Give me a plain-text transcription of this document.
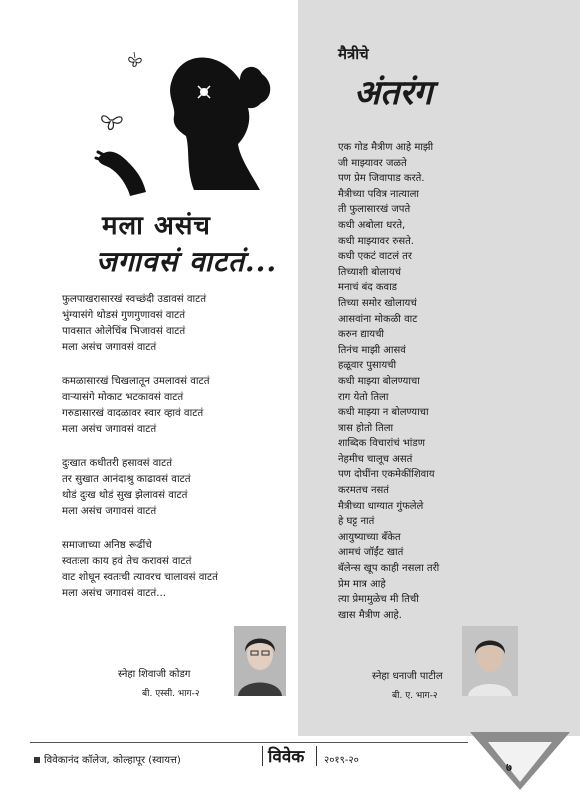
मला असंच
जगावसं वाटतं...
फुलपाखरासारखं स्वच्छंदी उडावसं वाटतं
भुंग्यासंगे थोडसं गुणगुणावसं वाटतं
पावसात ओलेचिंब भिजावसं वाटतं
मला असंच जगावसं वाटतं
कमळासारखं चिखलातून उमलावसं वाटतं
वाऱ्यासंगे मोकाट भटकावसं वाटतं
गरुडासारखं वादळावर स्वार व्हावं वाटतं
मला असंच जगावसं वाटतं
दुःखात कधीतरी हसावसं वाटतं
तर सुखात आनंदाश्रु काढावसं वाटतं
थोडं दुःख थोडं सुख झेलावसं वाटतं
मला असंच जगावसं वाटतं
समाजाच्या अनिष्ठ रूढींचे
स्वतःला काय हवं तेच करावसं वाटतं
वाट शोधून स्वतःची त्यावरच चालावसं वाटतं
मला असंच जगावसं वाटतं...
स्नेहा शिवाजी कोडग
बी. एस्सी. भाग-२
मैत्रीचे
अंतरंग
एक गोड मैत्रीण आहे माझी
जी माझ्यावर जळते
पण प्रेम जिवापाड करते.
मैत्रीच्या पवित्र नात्याला
ती फुलासारखं जपते
कधी अबोला धरते,
कधी माझ्यावर रुसते.
कधी एकटं वाटलं तर
तिच्याशी बोलायचं
मनाचं बंद कवाड
तिच्या समोर खोलायचं
आसवांना मोकळी वाट
करुन द्यायची
तिनंच माझी आसवं
हळूवार पुसायची
कधी माझ्या बोलण्याचा
राग येतो तिला
कधी माझ्या न बोलण्याचा
त्रास होतो तिला
शाब्दिक विचारांचं भांडण
नेहमीच चालूच असतं
पण दोघींना एकमेकींशिवाय
करमतच नसतं
मैत्रीच्या धाग्यात गुंफलेले
हे घट्ट नातं
आयुष्याच्या बँकेत
आमचं जॉईंट खातं
बॅलेन्स खूप काही नसला तरी
प्रेम मात्र आहे
त्या प्रेमामुळेच मी तिची
खास मैत्रीण आहे.
स्नेहा धनाजी पाटील
बी. ए. भाग-२
विवेकानंद कॉलेज, कोल्हापूर (स्वायत्त)	विवेक २०१९-२०
७
